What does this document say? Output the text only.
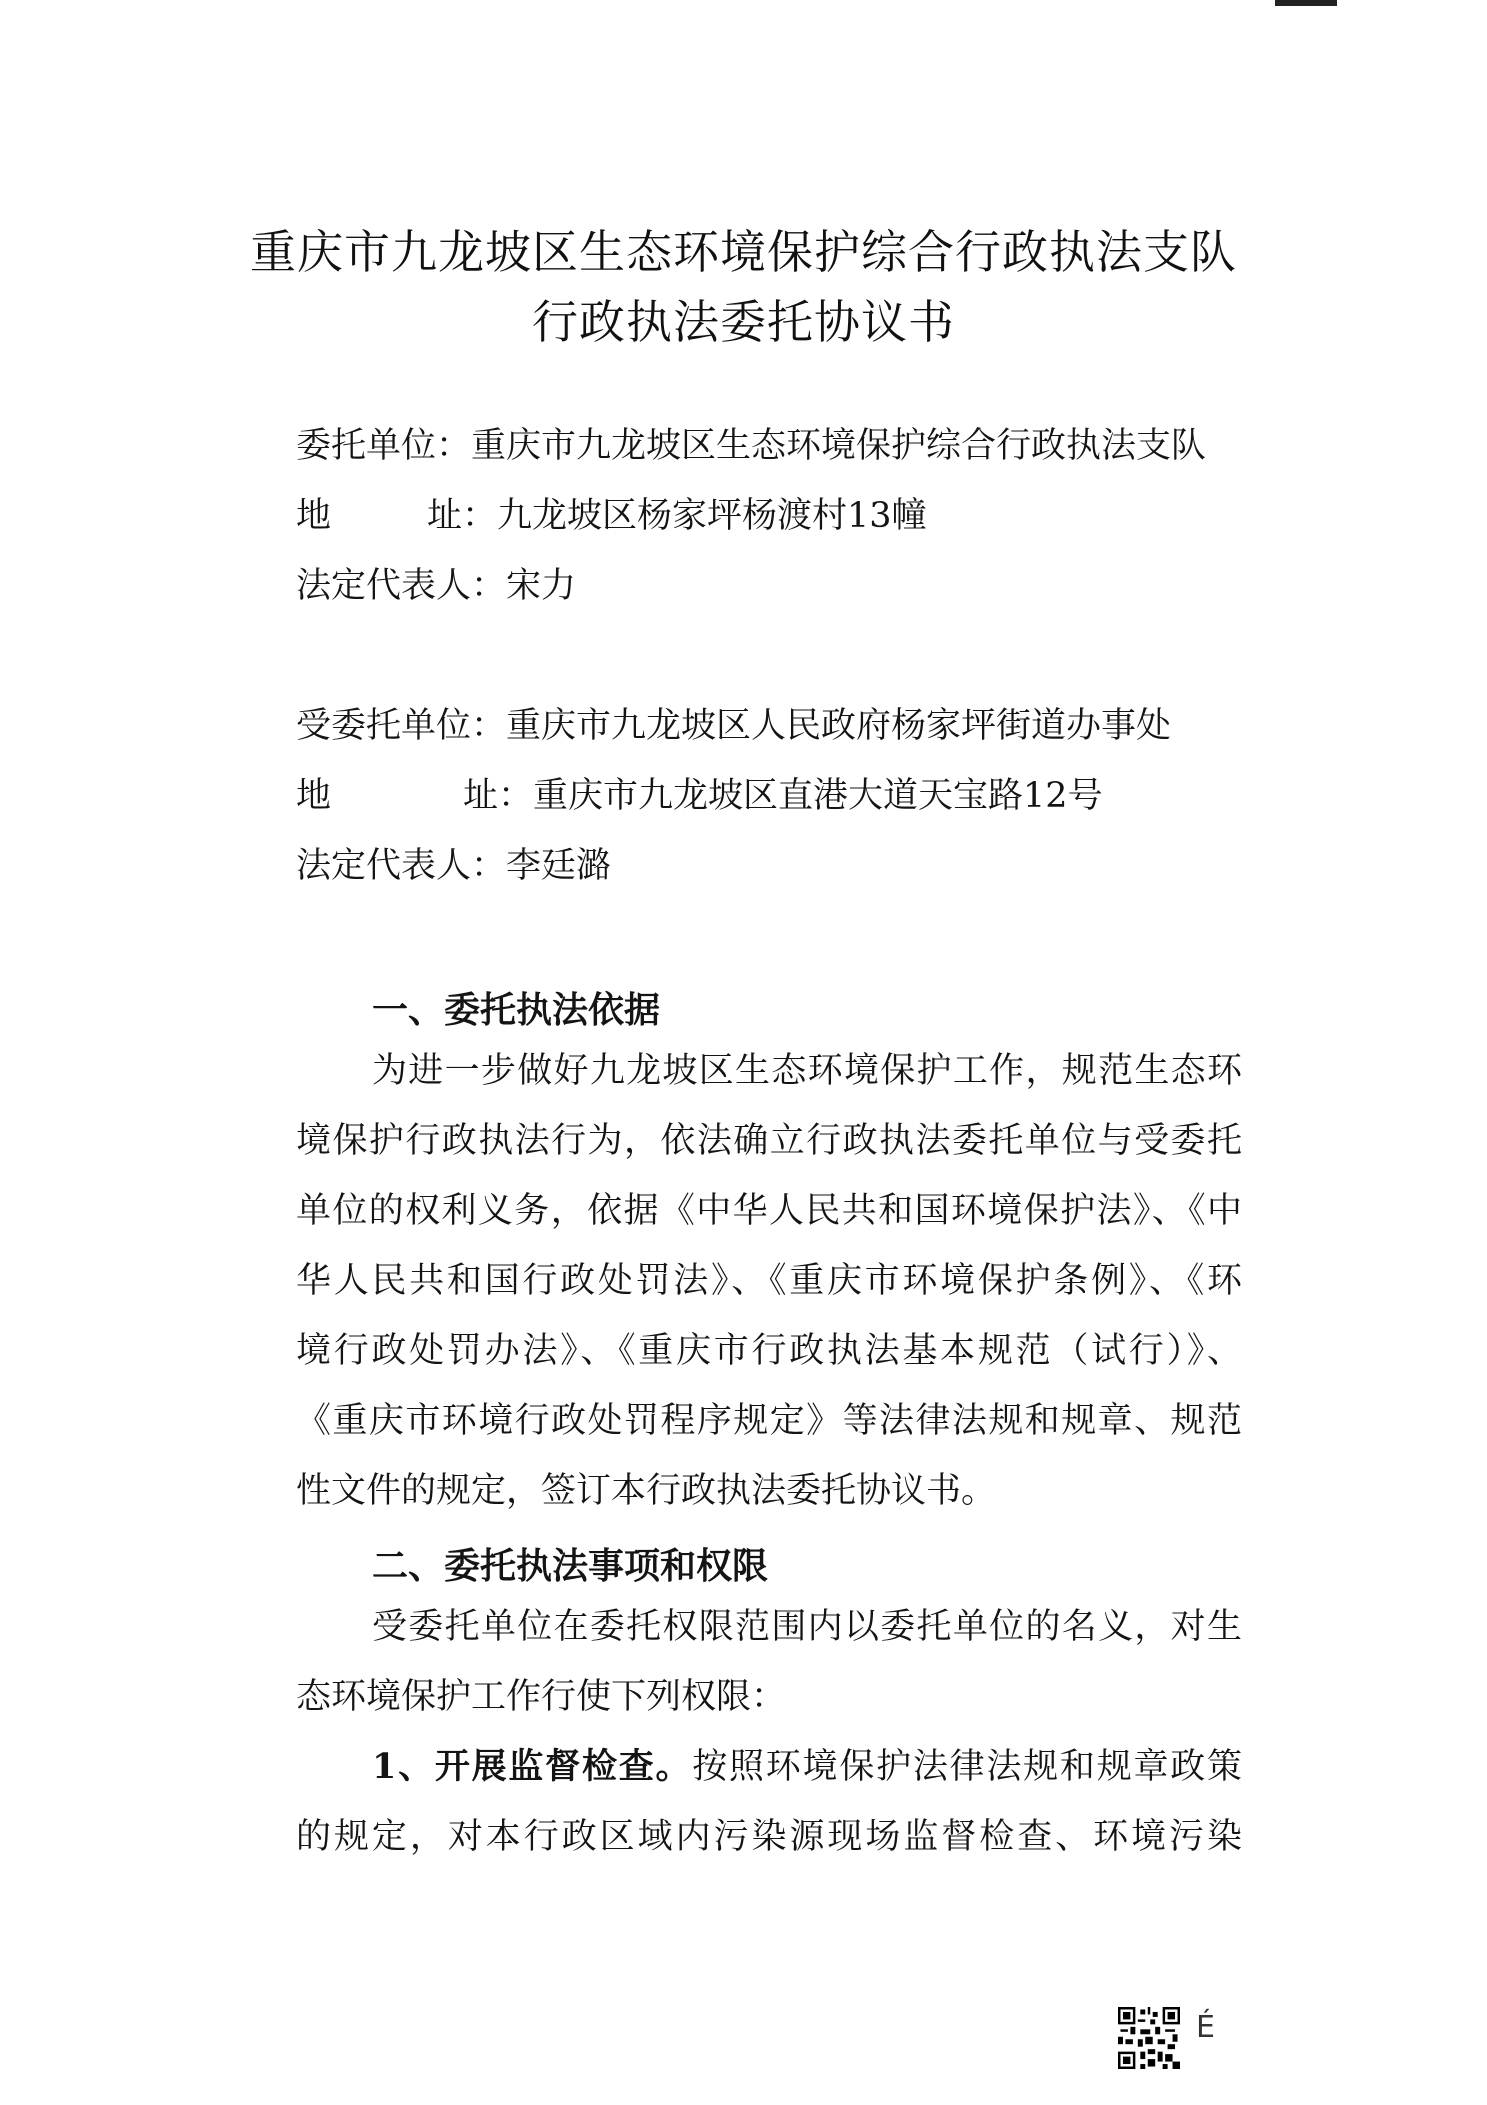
重庆市九龙坡区生态环境保护综合行政执法支队
行政执法委托协议书
委托单位：重庆市九龙坡区生态环境保护综合行政执法支队
地	址：九龙坡区杨家坪杨渡村13幢
法定代表人：宋力
受委托单位：重庆市九龙坡区人民政府杨家坪街道办事处
地	址：重庆市九龙坡区直港大道天宝路12号
法定代表人：李廷潞
一、委托执法依据
为进一步做好九龙坡区生态环境保护工作，规范生态环
境保护行政执法行为，依法确立行政执法委托单位与受委托
单位的权利义务，依据《中华人民共和国环境保护法》、《中
华人民共和国行政处罚法》、《重庆市环境保护条例》、《环
境行政处罚办法》、《重庆市行政执法基本规范（试行）》、
《重庆市环境行政处罚程序规定》等法律法规和规章、规范
性文件的规定，签订本行政执法委托协议书。
二、委托执法事项和权限
受委托单位在委托权限范围内以委托单位的名义，对生
态环境保护工作行使下列权限：
1、开展监督检查。按照环境保护法律法规和规章政策
的规定，对本行政区域内污染源现场监督检查、环境污染
É
